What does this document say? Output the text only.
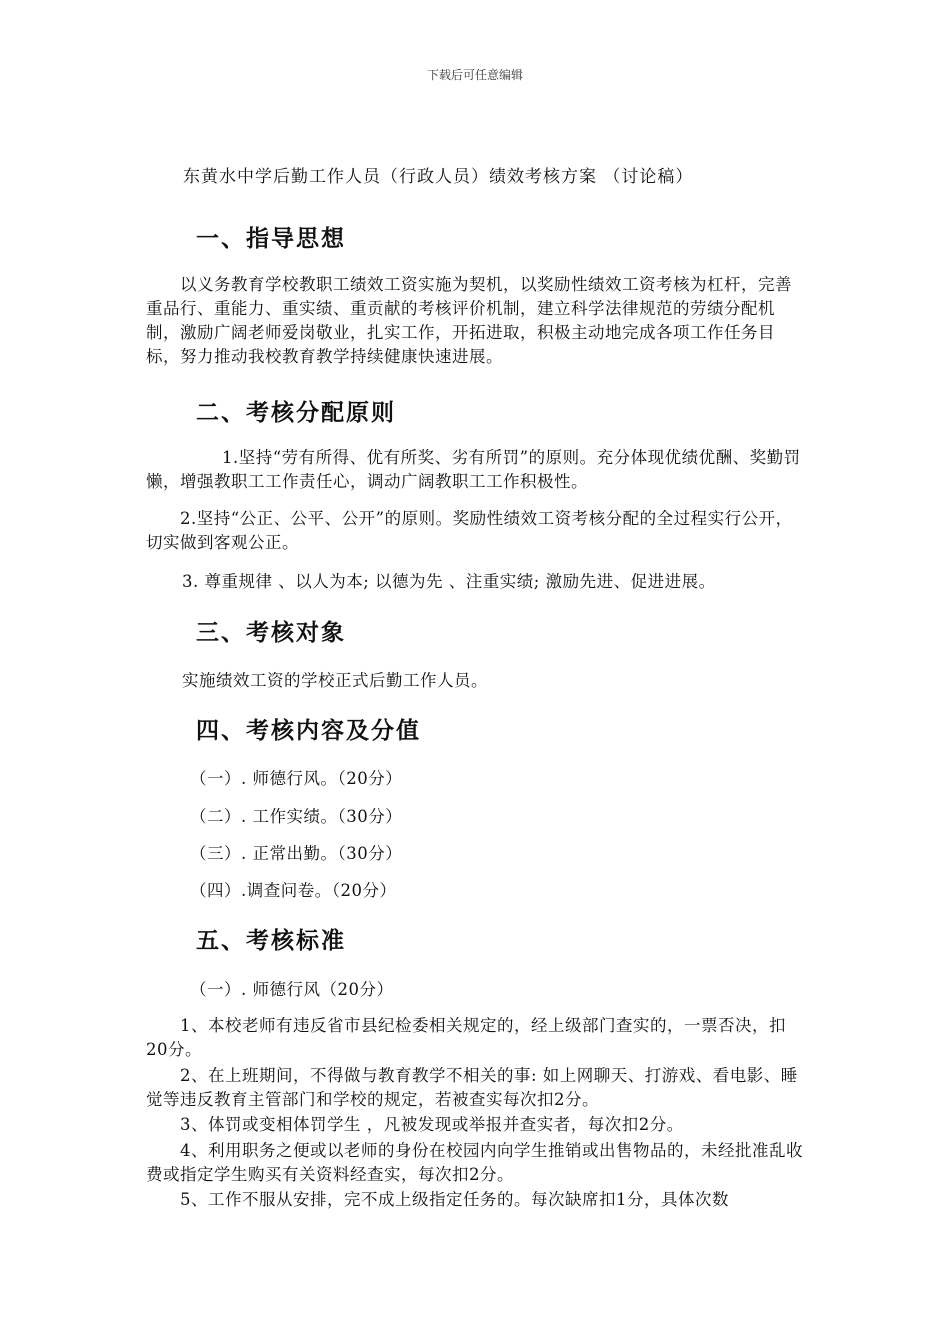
下载后可任意编辑
东黄水中学后勤工作人员（行政人员）绩效考核方案 （讨论稿）
一、指导思想
以义务教育学校教职工绩效工资实施为契机，以奖励性绩效工资考核为杠杆，完善重品行、重能力、重实绩、重贡献的考核评价机制，建立科学法律规范的劳绩分配机制，激励广阔老师爱岗敬业，扎实工作，开拓进取，积极主动地完成各项工作任务目标，努力推动我校教育教学持续健康快速进展。
二、考核分配原则
1.坚持“劳有所得、优有所奖、劣有所罚”的原则。充分体现优绩优酬、奖勤罚懒，增强教职工工作责任心，调动广阔教职工工作积极性。
2.坚持“公正、公平、公开”的原则。奖励性绩效工资考核分配的全过程实行公开，切实做到客观公正。
3. 尊重规律 、以人为本; 以德为先 、注重实绩; 激励先进、促进进展。
三、考核对象
实施绩效工资的学校正式后勤工作人员。
四、考核内容及分值
（一）. 师德行风。（20分）
（二）. 工作实绩。（30分）
（三）. 正常出勤。（30分）
（四）.调查问卷。（20分）
五、考核标准
（一）. 师德行风（20分）
1、本校老师有违反省市县纪检委相关规定的，经上级部门查实的，一票否决，扣20分。
2、在上班期间，不得做与教育教学不相关的事: 如上网聊天、打游戏、看电影、睡觉等违反教育主管部门和学校的规定，若被查实每次扣2分。
3、体罚或变相体罚学生 ，凡被发现或举报并查实者，每次扣2分。
4、利用职务之便或以老师的身份在校园内向学生推销或出售物品的，未经批准乱收费或指定学生购买有关资料经查实，每次扣2分。
5、工作不服从安排，完不成上级指定任务的。每次缺席扣1分，具体次数
